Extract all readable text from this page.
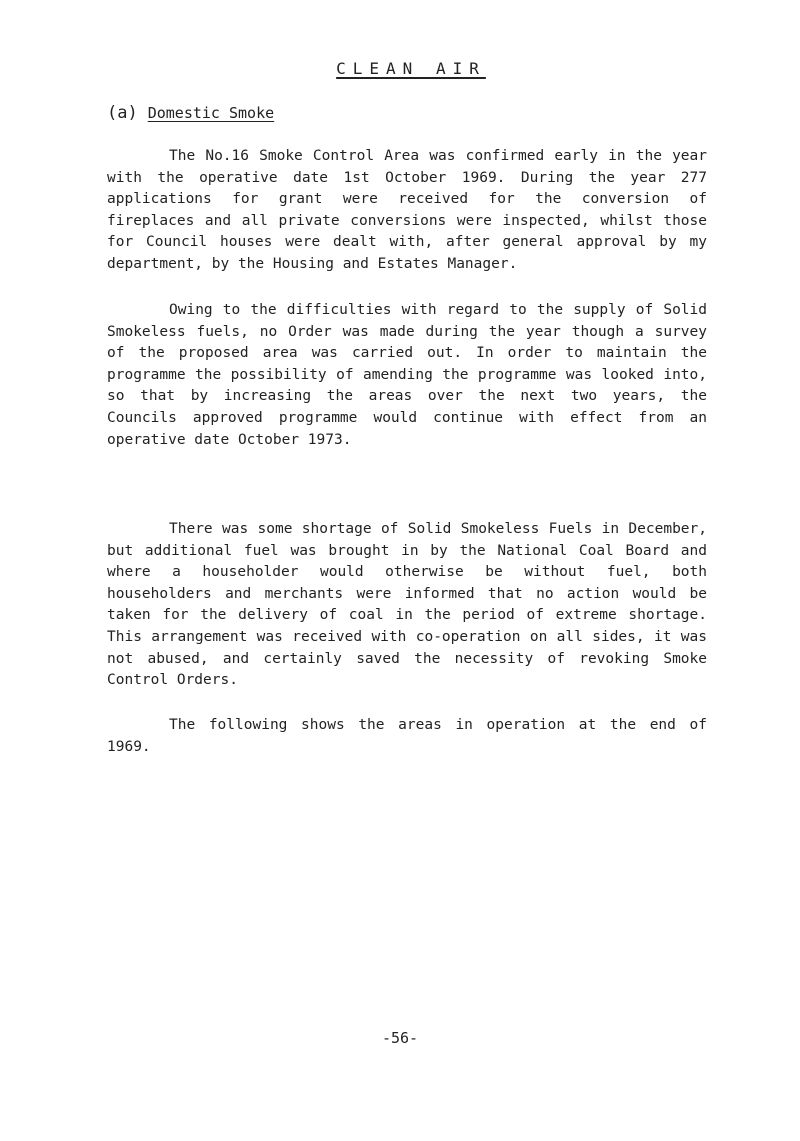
CLEAN AIR
(a) Domestic Smoke

The No.16 Smoke Control Area was confirmed early in the year with the operative date 1st October 1969. During the year 277 applications for grant were received for the conversion of fireplaces and all private conversions were inspected, whilst those for Council houses were dealt with, after general approval by my department, by the Housing and Estates Manager.

Owing to the difficulties with regard to the supply of Solid Smokeless fuels, no Order was made during the year though a survey of the proposed area was carried out. In order to maintain the programme the possibility of amending the programme was looked into, so that by increasing the areas over the next two years, the Councils approved programme would continue with effect from an operative date October 1973.

There was some shortage of Solid Smokeless Fuels in December, but additional fuel was brought in by the National Coal Board and where a householder would otherwise be without fuel, both householders and merchants were informed that no action would be taken for the delivery of coal in the period of extreme shortage. This arrangement was received with co-operation on all sides, it was not abused, and certainly saved the necessity of revoking Smoke Control Orders.

The following shows the areas in operation at the end of 1969.

-56-
